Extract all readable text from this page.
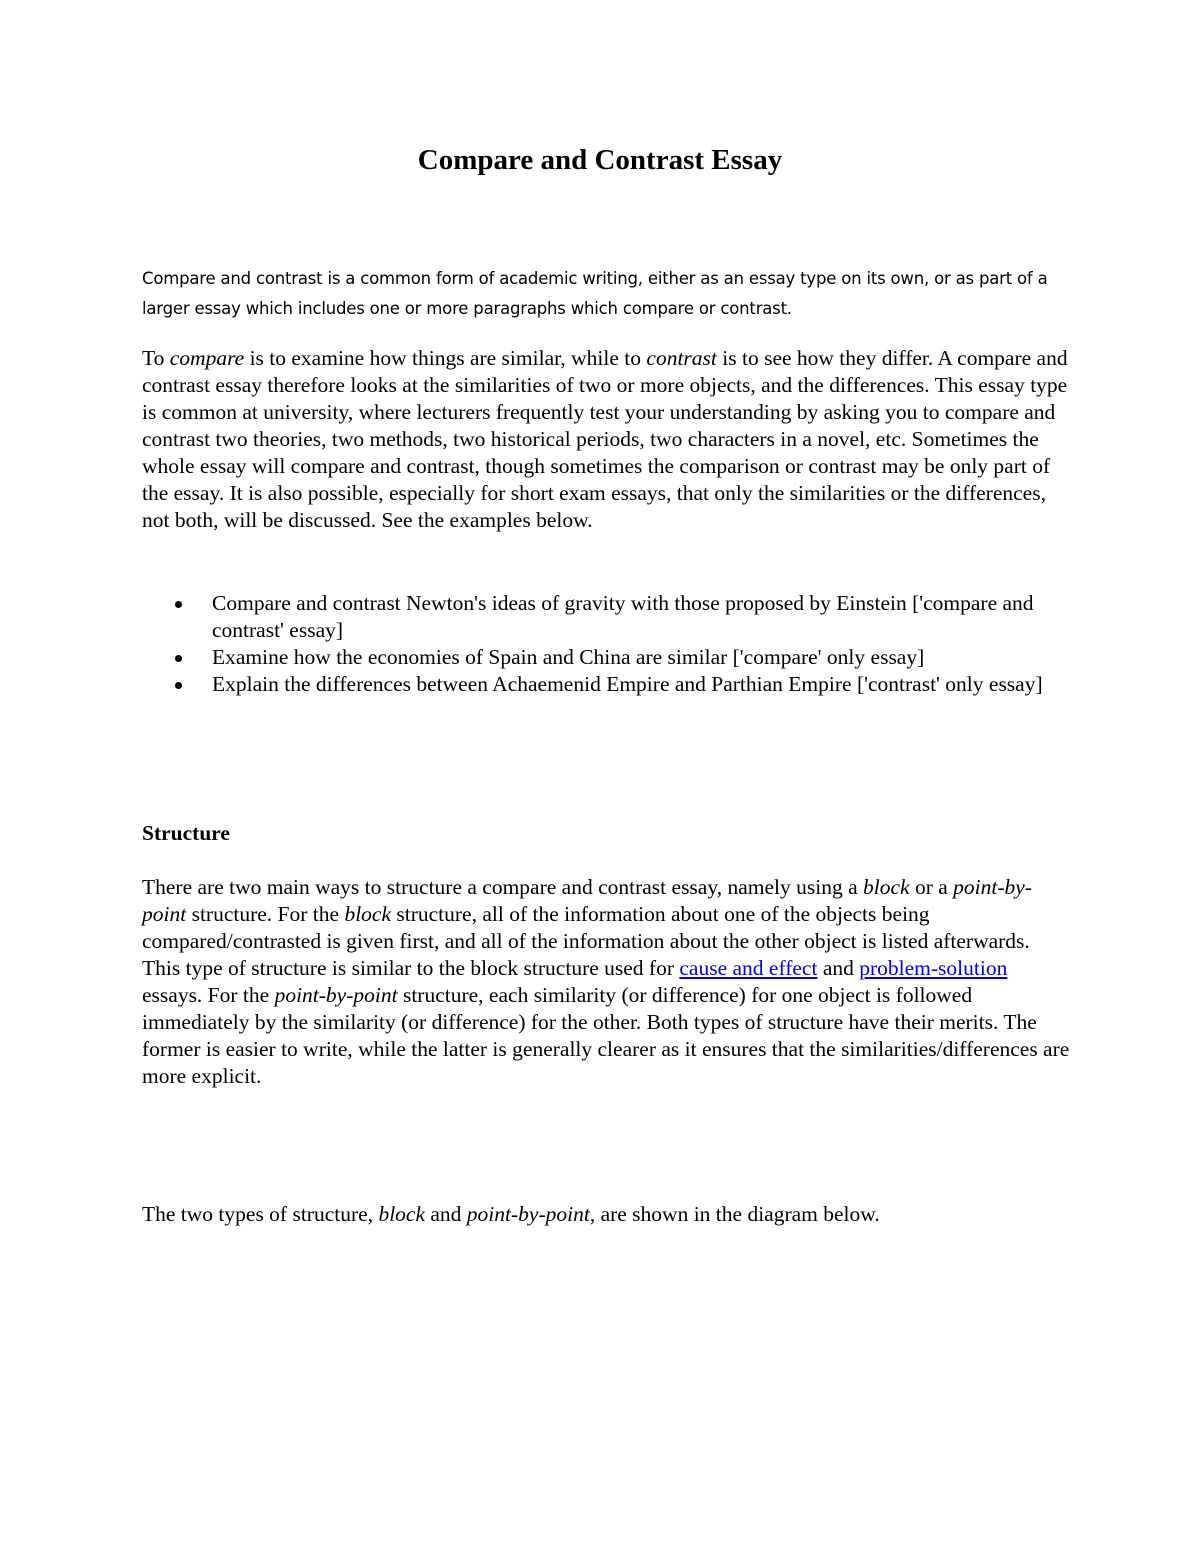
Compare and Contrast Essay

Compare and contrast is a common form of academic writing, either as an essay type on its own, or as part of a larger essay which includes one or more paragraphs which compare or contrast.

To compare is to examine how things are similar, while to contrast is to see how they differ. A compare and contrast essay therefore looks at the similarities of two or more objects, and the differences. This essay type is common at university, where lecturers frequently test your understanding by asking you to compare and contrast two theories, two methods, two historical periods, two characters in a novel, etc. Sometimes the whole essay will compare and contrast, though sometimes the comparison or contrast may be only part of the essay. It is also possible, especially for short exam essays, that only the similarities or the differences, not both, will be discussed. See the examples below.

Compare and contrast Newton's ideas of gravity with those proposed by Einstein ['compare and contrast' essay]
Examine how the economies of Spain and China are similar ['compare' only essay]
Explain the differences between Achaemenid Empire and Parthian Empire ['contrast' only essay]
Structure

There are two main ways to structure a compare and contrast essay, namely using a block or a point-by-point structure. For the block structure, all of the information about one of the objects being compared/contrasted is given first, and all of the information about the other object is listed afterwards. This type of structure is similar to the block structure used for cause and effect and problem-solution essays. For the point-by-point structure, each similarity (or difference) for one object is followed immediately by the similarity (or difference) for the other. Both types of structure have their merits. The former is easier to write, while the latter is generally clearer as it ensures that the similarities/differences are more explicit.

The two types of structure, block and point-by-point, are shown in the diagram below.
